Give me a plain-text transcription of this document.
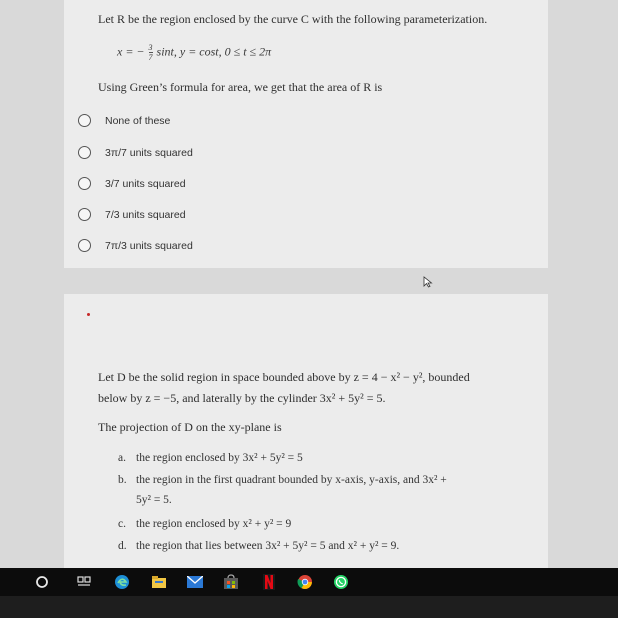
Let R be the region enclosed by the curve C with the following parameterization.
x = − $\frac{3}{7} \sin t$, y = cost, 0 ≤ t ≤ 2π
Using Green’s formula for area, we get that the area of R is
None of these
3π/7 units squared
3/7 units squared
7/3 units squared
7π/3 units squared
Let D be the solid region in space bounded above by z = 4 − x² − y², bounded
below by z = −5, and laterally by the cylinder 3x² + 5y² = 5.
The projection of D on the xy-plane is
a. the region enclosed by 3x² + 5y² = 5
b. the region in the first quadrant bounded by x-axis, y-axis, and 3x² +
5y² = 5.
c. the region enclosed by x² + y² = 9
d. the region that lies between 3x² + 5y² = 5 and x² + y² = 9.
